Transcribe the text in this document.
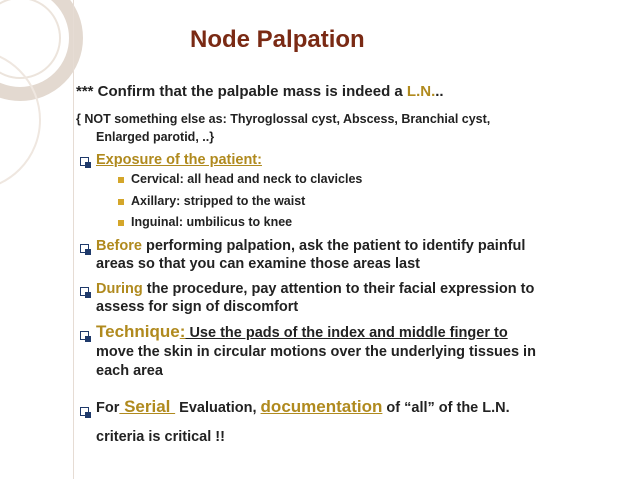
Node Palpation
*** Confirm that the palpable mass is indeed a L.N...
{ NOT something else as: Thyroglossal cyst, Abscess, Branchial cyst,
Enlarged parotid, ..}
Exposure of the patient:
Cervical: all head and neck to clavicles
Axillary: stripped to the waist
Inguinal: umbilicus to knee
Before performing palpation, ask the patient to identify painful
areas so that you can examine those areas last
During the procedure, pay attention to their facial expression to
assess for sign of discomfort
Technique: Use the pads of the index and middle finger to
move the skin in circular motions over the underlying tissues in
each area
For Serial  Evaluation, documentation of “all” of the L.N.
criteria is critical !!
